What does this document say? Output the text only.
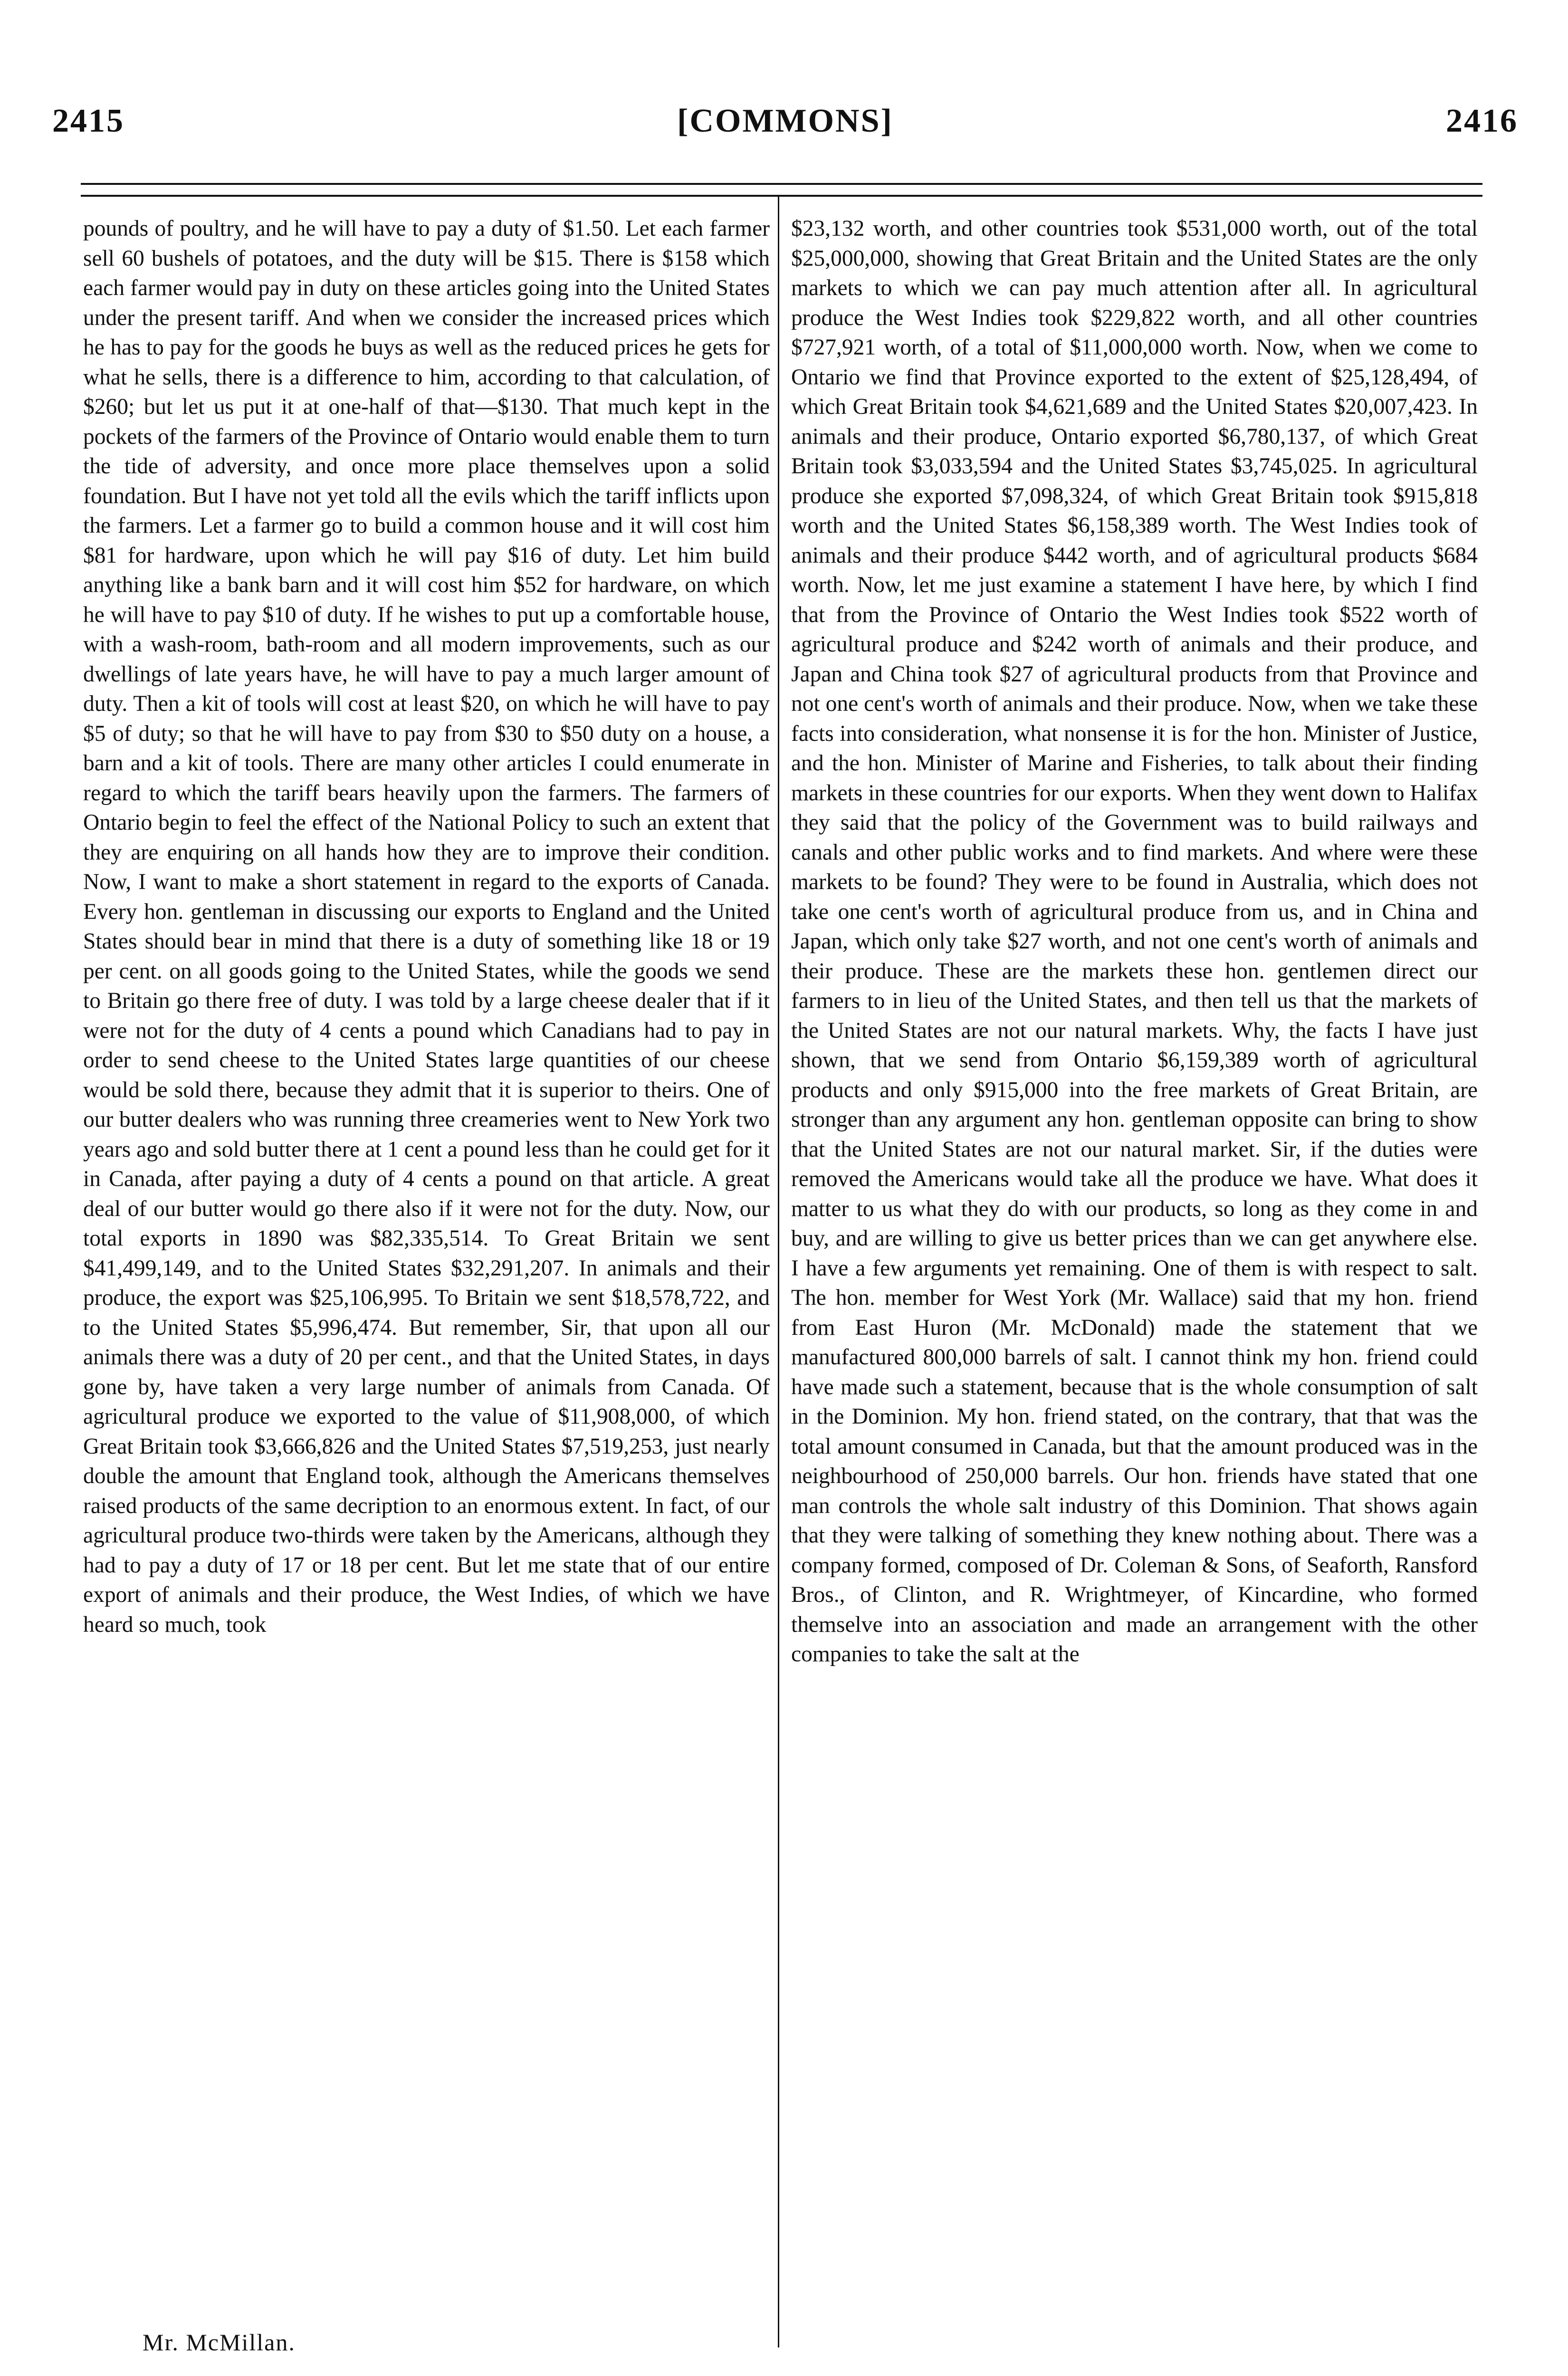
2415	[COMMONS]	2416

pounds of poultry, and he will have to pay a duty of $1.50. Let each farmer sell 60 bushels of potatoes, and the duty will be $15. There is $158 which each farmer would pay in duty on these articles going into the United States under the present tariff. And when we consider the increased prices which he has to pay for the goods he buys as well as the reduced prices he gets for what he sells, there is a difference to him, according to that calculation, of $260; but let us put it at one-half of that—$130. That much kept in the pockets of the farmers of the Province of Ontario would enable them to turn the tide of adversity, and once more place themselves upon a solid foundation. But I have not yet told all the evils which the tariff inflicts upon the farmers. Let a farmer go to build a common house and it will cost him $81 for hardware, upon which he will pay $16 of duty. Let him build anything like a bank barn and it will cost him $52 for hardware, on which he will have to pay $10 of duty. If he wishes to put up a comfortable house, with a wash-room, bath-room and all modern improvements, such as our dwellings of late years have, he will have to pay a much larger amount of duty. Then a kit of tools will cost at least $20, on which he will have to pay $5 of duty; so that he will have to pay from $30 to $50 duty on a house, a barn and a kit of tools. There are many other articles I could enumerate in regard to which the tariff bears heavily upon the farmers. The farmers of Ontario begin to feel the effect of the National Policy to such an extent that they are enquiring on all hands how they are to improve their condition. Now, I want to make a short statement in regard to the exports of Canada. Every hon. gentleman in discussing our exports to England and the United States should bear in mind that there is a duty of something like 18 or 19 per cent. on all goods going to the United States, while the goods we send to Britain go there free of duty. I was told by a large cheese dealer that if it were not for the duty of 4 cents a pound which Canadians had to pay in order to send cheese to the United States large quantities of our cheese would be sold there, because they admit that it is superior to theirs. One of our butter dealers who was running three creameries went to New York two years ago and sold butter there at 1 cent a pound less than he could get for it in Canada, after paying a duty of 4 cents a pound on that article. A great deal of our butter would go there also if it were not for the duty. Now, our total exports in 1890 was $82,335,514. To Great Britain we sent $41,499,149, and to the United States $32,291,207. In animals and their produce, the export was $25,106,995. To Britain we sent $18,578,722, and to the United States $5,996,474. But remember, Sir, that upon all our animals there was a duty of 20 per cent., and that the United States, in days gone by, have taken a very large number of animals from Canada. Of agricultural produce we exported to the value of $11,908,000, of which Great Britain took $3,666,826 and the United States $7,519,253, just nearly double the amount that England took, although the Americans themselves raised products of the same decription to an enormous extent. In fact, of our agricultural produce two-thirds were taken by the Americans, although they had to pay a duty of 17 or 18 per cent. But let me state that of our entire export of animals and their produce, the West Indies, of which we have heard so much, took

$23,132 worth, and other countries took $531,000 worth, out of the total $25,000,000, showing that Great Britain and the United States are the only markets to which we can pay much attention after all. In agricultural produce the West Indies took $229,822 worth, and all other countries $727,921 worth, of a total of $11,000,000 worth. Now, when we come to Ontario we find that Province exported to the extent of $25,128,494, of which Great Britain took $4,621,689 and the United States $20,007,423. In animals and their produce, Ontario exported $6,780,137, of which Great Britain took $3,033,594 and the United States $3,745,025. In agricultural produce she exported $7,098,324, of which Great Britain took $915,818 worth and the United States $6,158,389 worth. The West Indies took of animals and their produce $442 worth, and of agricultural products $684 worth. Now, let me just examine a statement I have here, by which I find that from the Province of Ontario the West Indies took $522 worth of agricultural produce and $242 worth of animals and their produce, and Japan and China took $27 of agricultural products from that Province and not one cent's worth of animals and their produce. Now, when we take these facts into consideration, what nonsense it is for the hon. Minister of Justice, and the hon. Minister of Marine and Fisheries, to talk about their finding markets in these countries for our exports. When they went down to Halifax they said that the policy of the Government was to build railways and canals and other public works and to find markets. And where were these markets to be found? They were to be found in Australia, which does not take one cent's worth of agricultural produce from us, and in China and Japan, which only take $27 worth, and not one cent's worth of animals and their produce. These are the markets these hon. gentlemen direct our farmers to in lieu of the United States, and then tell us that the markets of the United States are not our natural markets. Why, the facts I have just shown, that we send from Ontario $6,159,389 worth of agricultural products and only $915,000 into the free markets of Great Britain, are stronger than any argument any hon. gentleman opposite can bring to show that the United States are not our natural market. Sir, if the duties were removed the Americans would take all the produce we have. What does it matter to us what they do with our products, so long as they come in and buy, and are willing to give us better prices than we can get anywhere else. I have a few arguments yet remaining. One of them is with respect to salt. The hon. member for West York (Mr. Wallace) said that my hon. friend from East Huron (Mr. McDonald) made the statement that we manufactured 800,000 barrels of salt. I cannot think my hon. friend could have made such a statement, because that is the whole consumption of salt in the Dominion. My hon. friend stated, on the contrary, that that was the total amount consumed in Canada, but that the amount produced was in the neighbourhood of 250,000 barrels. Our hon. friends have stated that one man controls the whole salt industry of this Dominion. That shows again that they were talking of something they knew nothing about. There was a company formed, composed of Dr. Coleman & Sons, of Seaforth, Ransford Bros., of Clinton, and R. Wrightmeyer, of Kincardine, who formed themselve into an association and made an arrangement with the other companies to take the salt at the

Mr. McMillan.
